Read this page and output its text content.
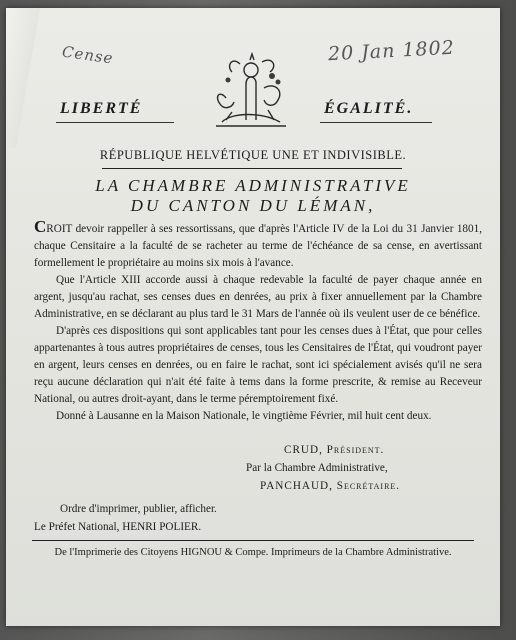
Cense	20 Jan 1802
LIBERTÉ	ÉGALITÉ.
RÉPUBLIQUE HELVÉTIQUE UNE ET INDIVISIBLE.
LA CHAMBRE ADMINISTRATIVE
DU CANTON DU LÉMAN,

CROIT devoir rappeller à ses ressortissans, que d'après l'Article IV de la Loi du 31 Janvier 1801, chaque Censitaire a la faculté de se racheter au terme de l'échéance de sa cense, en avertissant formellement le propriétaire au moins six mois à l'avance.

Que l'Article XIII accorde aussi à chaque redevable la faculté de payer chaque année en argent, jusqu'au rachat, ses censes dues en denrées, au prix à fixer annuellement par la Chambre Administrative, en se déclarant au plus tard le 31 Mars de l'année où ils veulent user de ce bénéfice.

D'après ces dispositions qui sont applicables tant pour les censes dues à l'État, que pour celles appartenantes à tous autres propriétaires de censes, tous les Censitaires de l'État, qui voudront payer en argent, leurs censes en denrées, ou en faire le rachat, sont ici spécialement avisés qu'il ne sera reçu aucune déclaration qui n'ait été faite à tems dans la forme prescrite, & remise au Receveur National, ou autres droit-ayant, dans le terme péremptoirement fixé.

Donné à Lausanne en la Maison Nationale, le vingtième Février, mil huit cent deux.

CRUD, Président.
Par la Chambre Administrative,
PANCHAUD, Secrétaire.
Ordre d'imprimer, publier, afficher.
Le Préfet National, HENRI POLIER.
De l'Imprimerie des Citoyens HIGNOU & Compe. Imprimeurs de la Chambre Administrative.
